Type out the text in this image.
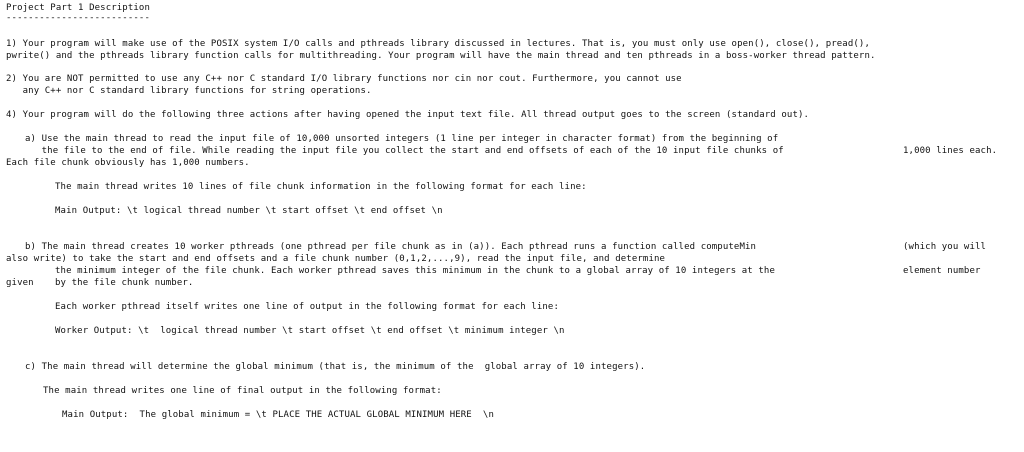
Project Part 1 Description
--------------------------
1) Your program will make use of the POSIX system I/O calls and pthreads library discussed in lectures. That is, you must only use open(), close(), pread(),
pwrite() and the pthreads library function calls for multithreading. Your program will have the main thread and ten pthreads in a boss-worker thread pattern.
2) You are NOT permitted to use any C++ nor C standard I/O library functions nor cin nor cout. Furthermore, you cannot use
any C++ nor C standard library functions for string operations.
4) Your program will do the following three actions after having opened the input text file. All thread output goes to the screen (standard out).
a) Use the main thread to read the input file of 10,000 unsorted integers (1 line per integer in character format) from the beginning of
the file to the end of file. While reading the input file you collect the start and end offsets of each of the 10 input file chunks of	1,000 lines each.
Each file chunk obviously has 1,000 numbers.
The main thread writes 10 lines of file chunk information in the following format for each line:
Main Output: \t logical thread number \t start offset \t end offset \n
b) The main thread creates 10 worker pthreads (one pthread per file chunk as in (a)). Each pthread runs a function called computeMin	(which you will
also write) to take the start and end offsets and a file chunk number (0,1,2,...,9), read the input file, and determine
the minimum integer of the file chunk. Each worker pthread saves this minimum in the chunk to a global array of 10 integers at the	element number
given by the file chunk number.
Each worker pthread itself writes one line of output in the following format for each line:
Worker Output: \t  logical thread number \t start offset \t end offset \t minimum integer \n
c) The main thread will determine the global minimum (that is, the minimum of the  global array of 10 integers).
The main thread writes one line of final output in the following format:
Main Output:  The global minimum = \t PLACE THE ACTUAL GLOBAL MINIMUM HERE  \n
